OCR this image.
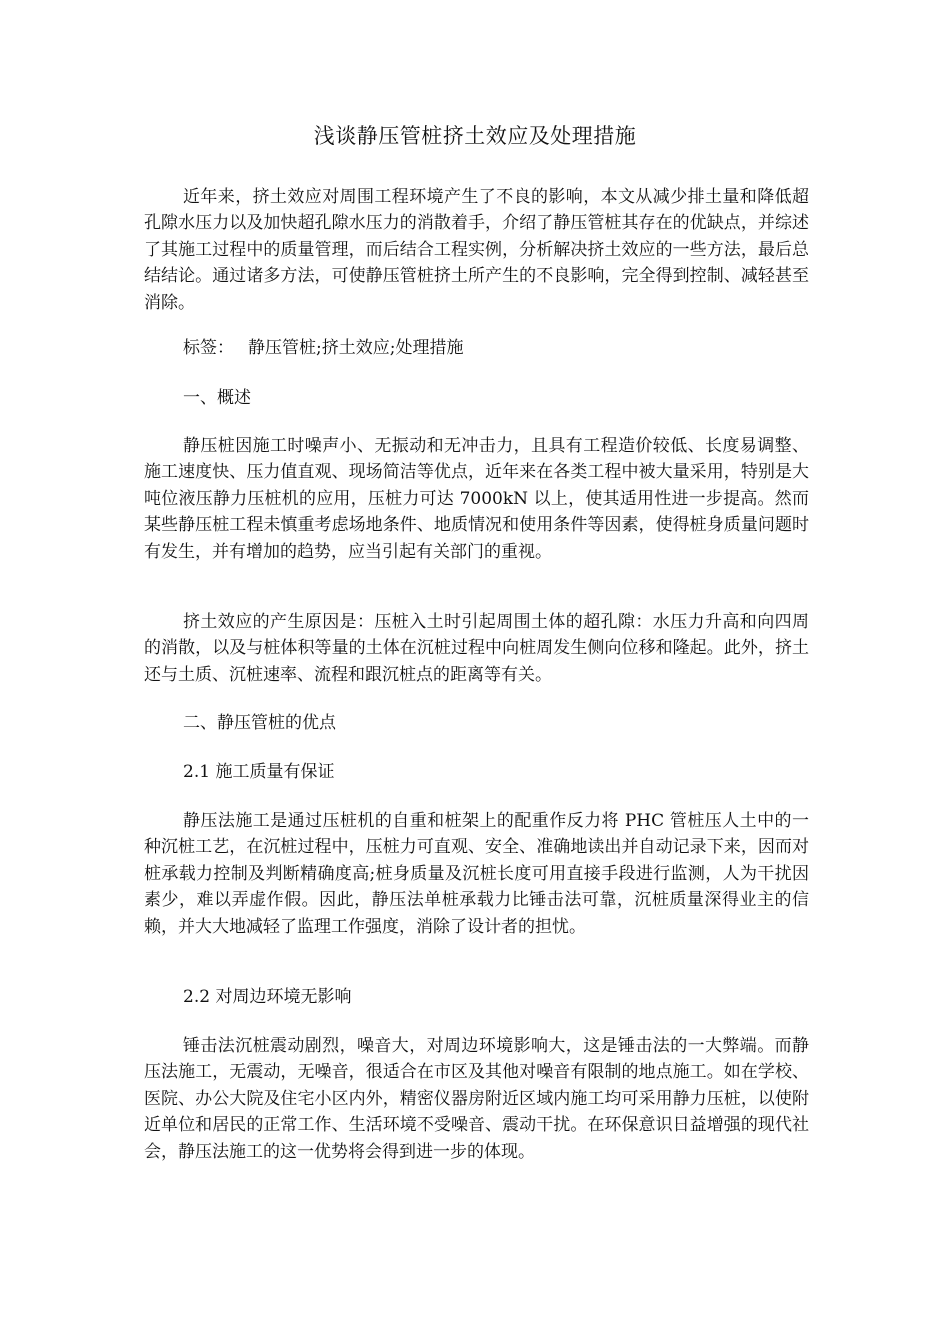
浅谈静压管桩挤土效应及处理措施

近年来，挤土效应对周围工程环境产生了不良的影响，本文从减少排土量和降低超孔隙水压力以及加快超孔隙水压力的消散着手，介绍了静压管桩其存在的优缺点，并综述了其施工过程中的质量管理，而后结合工程实例，分析解决挤土效应的一些方法，最后总结结论。通过诸多方法，可使静压管桩挤土所产生的不良影响，完全得到控制、减轻甚至消除。

标签： 静压管桩;挤土效应;处理措施

一、概述

静压桩因施工时噪声小、无振动和无冲击力，且具有工程造价较低、长度易调整、施工速度快、压力值直观、现场简洁等优点，近年来在各类工程中被大量采用，特别是大吨位液压静力压桩机的应用，压桩力可达 7000kN 以上，使其适用性进一步提高。然而某些静压桩工程未慎重考虑场地条件、地质情况和使用条件等因素，使得桩身质量问题时有发生，并有增加的趋势，应当引起有关部门的重视。

挤土效应的产生原因是：压桩入土时引起周围土体的超孔隙：水压力升高和向四周的消散，以及与桩体积等量的土体在沉桩过程中向桩周发生侧向位移和隆起。此外，挤土还与土质、沉桩速率、流程和跟沉桩点的距离等有关。

二、静压管桩的优点

2.1 施工质量有保证

静压法施工是通过压桩机的自重和桩架上的配重作反力将 PHC 管桩压人土中的一种沉桩工艺，在沉桩过程中，压桩力可直观、安全、准确地读出并自动记录下来，因而对桩承载力控制及判断精确度高;桩身质量及沉桩长度可用直接手段进行监测，人为干扰因素少，难以弄虚作假。因此，静压法单桩承载力比锤击法可靠，沉桩质量深得业主的信赖，并大大地减轻了监理工作强度，消除了设计者的担忧。

2.2 对周边环境无影响

锤击法沉桩震动剧烈，噪音大，对周边环境影响大，这是锤击法的一大弊端。而静压法施工，无震动，无噪音，很适合在市区及其他对噪音有限制的地点施工。如在学校、医院、办公大院及住宅小区内外，精密仪器房附近区域内施工均可采用静力压桩，以使附近单位和居民的正常工作、生活环境不受噪音、震动干扰。在环保意识日益增强的现代社会，静压法施工的这一优势将会得到进一步的体现。
